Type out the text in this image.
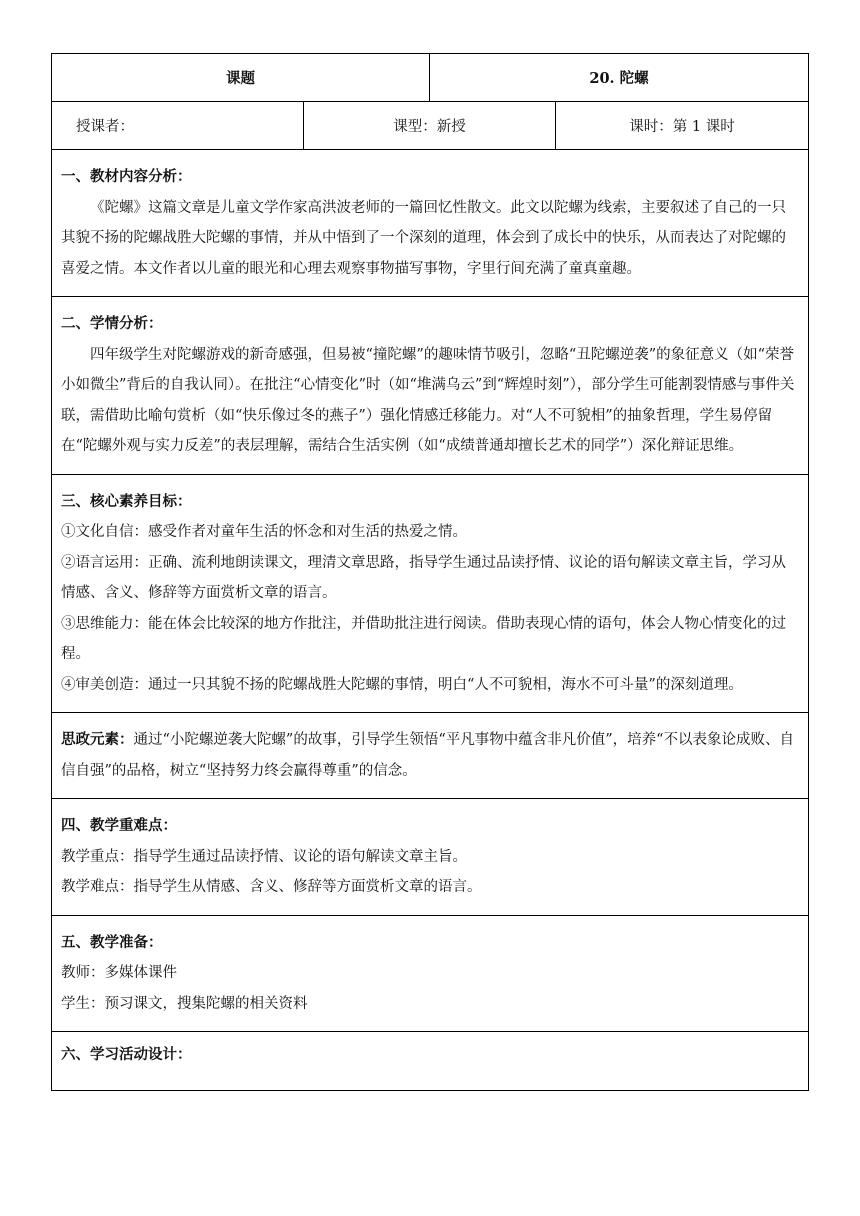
课题		20. 陀螺	
授课者：	课型：新授		课时：第 1 课时

一、教材内容分析：

《陀螺》这篇文章是儿童文学作家高洪波老师的一篇回忆性散文。此文以陀螺为线索，主要叙述了自己的一只其貌不扬的陀螺战胜大陀螺的事情，并从中悟到了一个深刻的道理，体会到了成长中的快乐，从而表达了对陀螺的喜爱之情。本文作者以儿童的眼光和心理去观察事物描写事物，字里行间充满了童真童趣。			

二、学情分析：

四年级学生对陀螺游戏的新奇感强，但易被“撞陀螺”的趣味情节吸引，忽略“丑陀螺逆袭”的象征意义（如“荣誉小如微尘”背后的自我认同）。在批注“心情变化”时（如“堆满乌云”到“辉煌时刻”），部分学生可能割裂情感与事件关联，需借助比喻句赏析（如“快乐像过冬的燕子”）强化情感迁移能力。对“人不可貌相”的抽象哲理，学生易停留在“陀螺外观与实力反差”的表层理解，需结合生活实例（如“成绩普通却擅长艺术的同学”）深化辩证思维。			

三、核心素养目标：

①文化自信：感受作者对童年生活的怀念和对生活的热爱之情。

②语言运用：正确、流利地朗读课文，理清文章思路，指导学生通过品读抒情、议论的语句解读文章主旨，学习从情感、含义、修辞等方面赏析文章的语言。

③思维能力：能在体会比较深的地方作批注，并借助批注进行阅读。借助表现心情的语句，体会人物心情变化的过程。

④审美创造：通过一只其貌不扬的陀螺战胜大陀螺的事情，明白“人不可貌相，海水不可斗量”的深刻道理。			

思政元素：通过“小陀螺逆袭大陀螺”的故事，引导学生领悟“平凡事物中蕴含非凡价值”，培养“不以表象论成败、自信自强”的品格，树立“坚持努力终会赢得尊重”的信念。			

四、教学重难点：

教学重点：指导学生通过品读抒情、议论的语句解读文章主旨。

教学难点：指导学生从情感、含义、修辞等方面赏析文章的语言。			

五、教学准备：

教师：多媒体课件

学生：预习课文，搜集陀螺的相关资料			

六、学习活动设计：			
